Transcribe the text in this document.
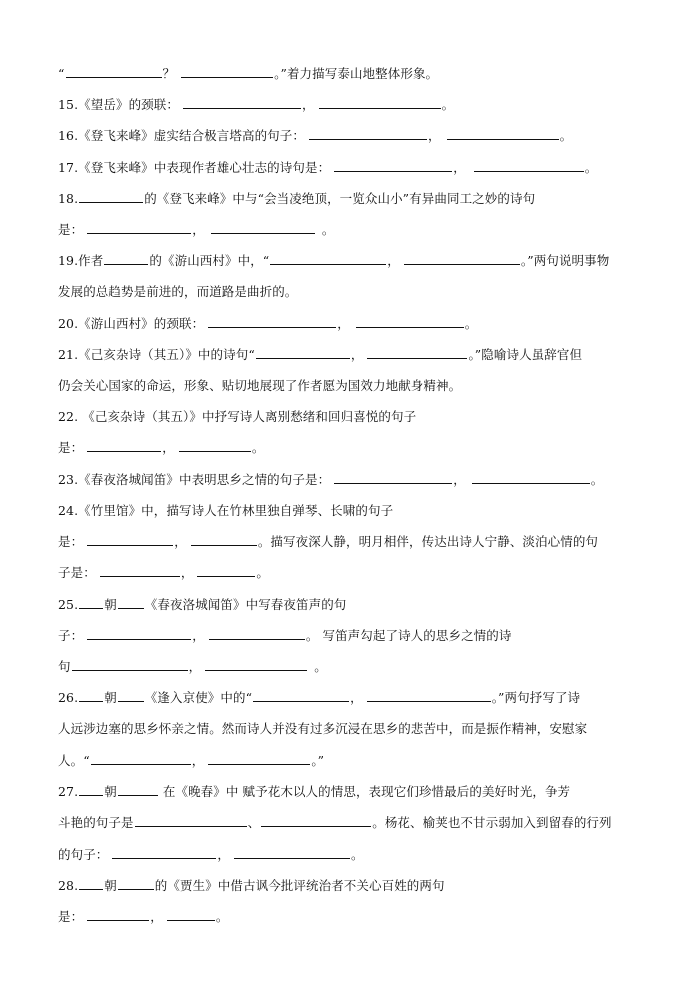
“	？	。”着力描写泰山地整体形象。
15.《望岳》的颈联：	，	。
16.《登飞来峰》虚实结合极言塔高的句子：	，	。
17.《登飞来峰》中表现作者雄心壮志的诗句是：	，	。
18.	的《登飞来峰》中与“会当凌绝顶，一览众山小”有异曲同工之妙的诗句
是：	，	。
19.作者	的《游山西村》中，“	，	。”两句说明事物
发展的总趋势是前进的，而道路是曲折的。
20.《游山西村》的颈联：	，	。
21.《己亥杂诗（其五）》中的诗句“	，	。”隐喻诗人虽辞官但
仍会关心国家的命运，形象、贴切地展现了作者愿为国效力地献身精神。
22. 《己亥杂诗（其五）》中抒写诗人离别愁绪和回归喜悦的句子
是：	，	。
23.《春夜洛城闻笛》中表明思乡之情的句子是：	，	。
24.《竹里馆》中，描写诗人在竹林里独自弹琴、长啸的句子
是：	，	。描写夜深人静，明月相伴，传达出诗人宁静、淡泊心情的句
子是：	，	。
25. 朝 《春夜洛城闻笛》中写春夜笛声的句
子：	，	。 写笛声勾起了诗人的思乡之情的诗
句	，	。
26. 朝 《逢入京使》中的“	，	。”两句抒写了诗
人远涉边塞的思乡怀亲之情。然而诗人并没有过多沉浸在思乡的悲苦中，而是振作精神，安慰家
人。“	，	。”
27. 朝	在《晚春》中 赋予花木以人的情思，表现它们珍惜最后的美好时光，争芳
斗艳的句子是	、	。杨花、榆荚也不甘示弱加入到留春的行列
的句子：	，	。
28. 朝	的《贾生》中借古讽今批评统治者不关心百姓的两句
是：	，	。
